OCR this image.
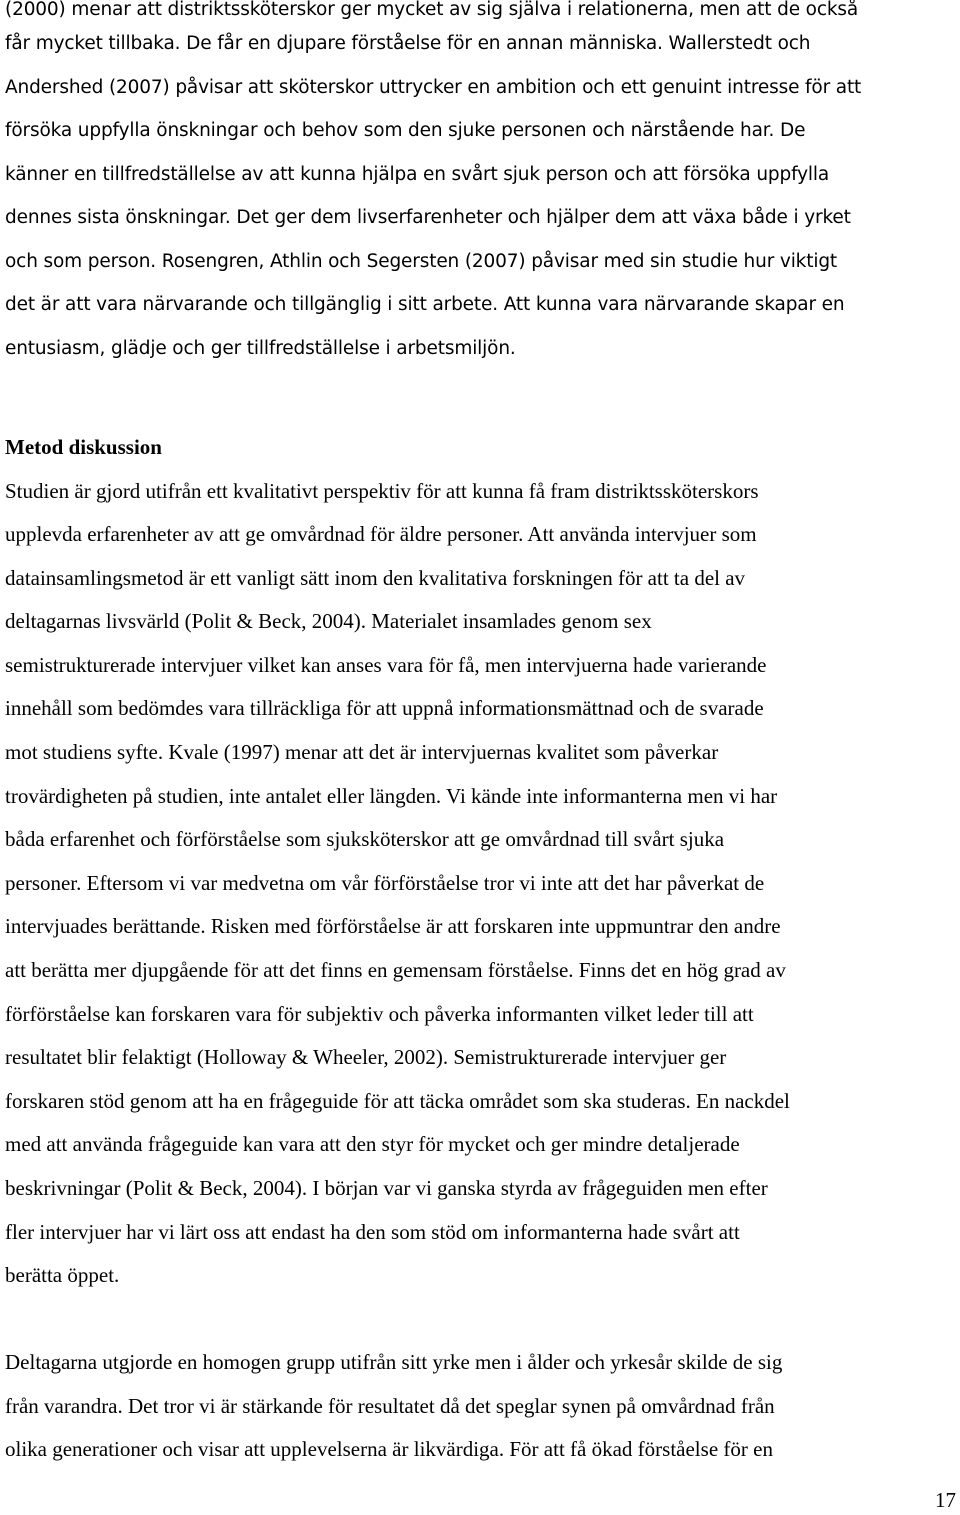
(2000) menar att distriktssköterskor ger mycket av sig själva i relationerna, men att de också
får mycket tillbaka. De får en djupare förståelse för en annan människa. Wallerstedt och
Andershed (2007) påvisar att sköterskor uttrycker en ambition och ett genuint intresse för att
försöka uppfylla önskningar och behov som den sjuke personen och närstående har. De
känner en tillfredställelse av att kunna hjälpa en svårt sjuk person och att försöka uppfylla
dennes sista önskningar. Det ger dem livserfarenheter och hjälper dem att växa både i yrket
och som person. Rosengren, Athlin och Segersten (2007) påvisar med sin studie hur viktigt
det är att vara närvarande och tillgänglig i sitt arbete. Att kunna vara närvarande skapar en
entusiasm, glädje och ger tillfredställelse i arbetsmiljön.
Metod diskussion
Studien är gjord utifrån ett kvalitativt perspektiv för att kunna få fram distriktssköterskors
upplevda erfarenheter av att ge omvårdnad för äldre personer. Att använda intervjuer som
datainsamlingsmetod är ett vanligt sätt inom den kvalitativa forskningen för att ta del av
deltagarnas livsvärld (Polit & Beck, 2004). Materialet insamlades genom sex
semistrukturerade intervjuer vilket kan anses vara för få, men intervjuerna hade varierande
innehåll som bedömdes vara tillräckliga för att uppnå informationsmättnad och de svarade
mot studiens syfte. Kvale (1997) menar att det är intervjuernas kvalitet som påverkar
trovärdigheten på studien, inte antalet eller längden. Vi kände inte informanterna men vi har
båda erfarenhet och förförståelse som sjuksköterskor att ge omvårdnad till svårt sjuka
personer. Eftersom vi var medvetna om vår förförståelse tror vi inte att det har påverkat de
intervjuades berättande. Risken med förförståelse är att forskaren inte uppmuntrar den andre
att berätta mer djupgående för att det finns en gemensam förståelse. Finns det en hög grad av
förförståelse kan forskaren vara för subjektiv och påverka informanten vilket leder till att
resultatet blir felaktigt (Holloway & Wheeler, 2002). Semistrukturerade intervjuer ger
forskaren stöd genom att ha en frågeguide för att täcka området som ska studeras. En nackdel
med att använda frågeguide kan vara att den styr för mycket och ger mindre detaljerade
beskrivningar (Polit & Beck, 2004). I början var vi ganska styrda av frågeguiden men efter
fler intervjuer har vi lärt oss att endast ha den som stöd om informanterna hade svårt att
berätta öppet.
Deltagarna utgjorde en homogen grupp utifrån sitt yrke men i ålder och yrkesår skilde de sig
från varandra. Det tror vi är stärkande för resultatet då det speglar synen på omvårdnad från
olika generationer och visar att upplevelserna är likvärdiga. För att få ökad förståelse för en
17
